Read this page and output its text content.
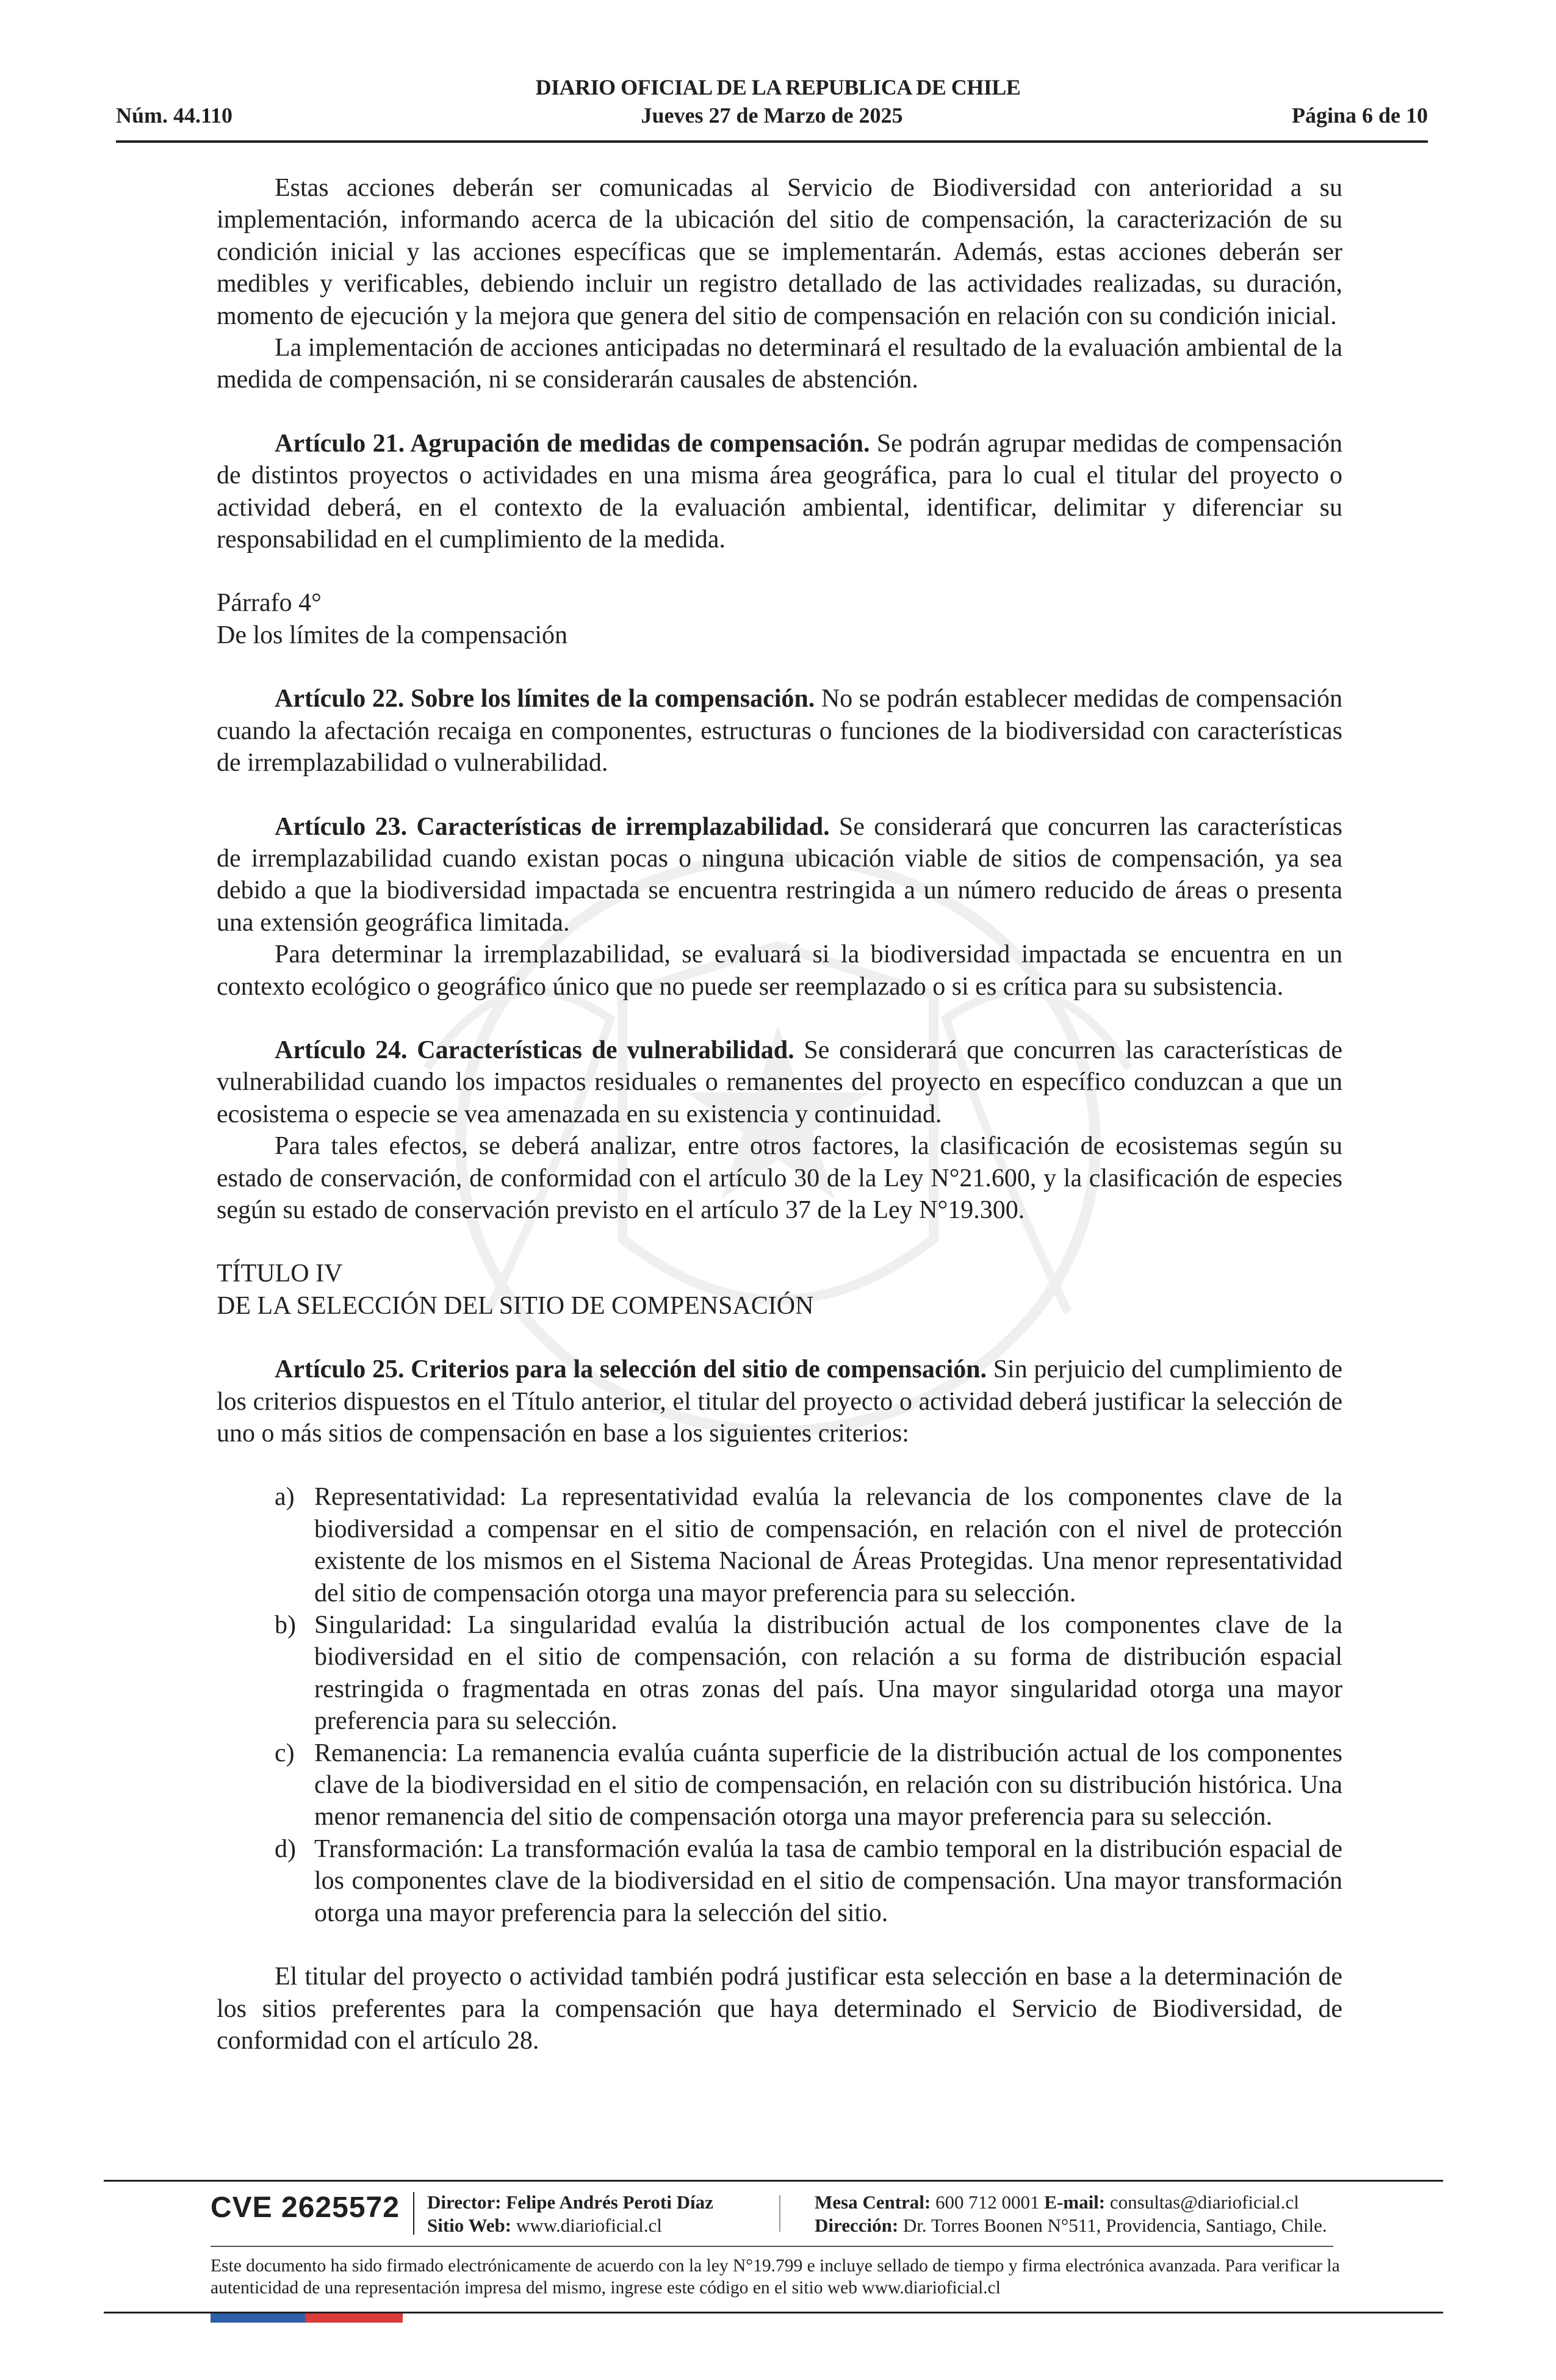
DIARIO OFICIAL DE LA REPUBLICA DE CHILE
Núm. 44.110	Jueves 27 de Marzo de 2025	Página 6 de 10

Estas acciones deberán ser comunicadas al Servicio de Biodiversidad con anterioridad a su implementación, informando acerca de la ubicación del sitio de compensación, la caracterización de su condición inicial y las acciones específicas que se implementarán. Además, estas acciones deberán ser medibles y verificables, debiendo incluir un registro detallado de las actividades realizadas, su duración, momento de ejecución y la mejora que genera del sitio de compensación en relación con su condición inicial.

La implementación de acciones anticipadas no determinará el resultado de la evaluación ambiental de la medida de compensación, ni se considerarán causales de abstención.

Artículo 21. Agrupación de medidas de compensación. Se podrán agrupar medidas de compensación de distintos proyectos o actividades en una misma área geográfica, para lo cual el titular del proyecto o actividad deberá, en el contexto de la evaluación ambiental, identificar, delimitar y diferenciar su responsabilidad en el cumplimiento de la medida.

Párrafo 4°

De los límites de la compensación

Artículo 22. Sobre los límites de la compensación. No se podrán establecer medidas de compensación cuando la afectación recaiga en componentes, estructuras o funciones de la biodiversidad con características de irremplazabilidad o vulnerabilidad.

Artículo 23. Características de irremplazabilidad. Se considerará que concurren las características de irremplazabilidad cuando existan pocas o ninguna ubicación viable de sitios de compensación, ya sea debido a que la biodiversidad impactada se encuentra restringida a un número reducido de áreas o presenta una extensión geográfica limitada.

Para determinar la irremplazabilidad, se evaluará si la biodiversidad impactada se encuentra en un contexto ecológico o geográfico único que no puede ser reemplazado o si es crítica para su subsistencia.

Artículo 24. Características de vulnerabilidad. Se considerará que concurren las características de vulnerabilidad cuando los impactos residuales o remanentes del proyecto en específico conduzcan a que un ecosistema o especie se vea amenazada en su existencia y continuidad.

Para tales efectos, se deberá analizar, entre otros factores, la clasificación de ecosistemas según su estado de conservación, de conformidad con el artículo 30 de la Ley N°21.600, y la clasificación de especies según su estado de conservación previsto en el artículo 37 de la Ley N°19.300.

TÍTULO IV

DE LA SELECCIÓN DEL SITIO DE COMPENSACIÓN

Artículo 25. Criterios para la selección del sitio de compensación. Sin perjuicio del cumplimiento de los criterios dispuestos en el Título anterior, el titular del proyecto o actividad deberá justificar la selección de uno o más sitios de compensación en base a los siguientes criterios:

a) Representatividad: La representatividad evalúa la relevancia de los componentes clave de la biodiversidad a compensar en el sitio de compensación, en relación con el nivel de protección existente de los mismos en el Sistema Nacional de Áreas Protegidas. Una menor representatividad del sitio de compensación otorga una mayor preferencia para su selección.
b) Singularidad: La singularidad evalúa la distribución actual de los componentes clave de la biodiversidad en el sitio de compensación, con relación a su forma de distribución espacial restringida o fragmentada en otras zonas del país. Una mayor singularidad otorga una mayor preferencia para su selección.
c) Remanencia: La remanencia evalúa cuánta superficie de la distribución actual de los componentes clave de la biodiversidad en el sitio de compensación, en relación con su distribución histórica. Una menor remanencia del sitio de compensación otorga una mayor preferencia para su selección.
d) Transformación: La transformación evalúa la tasa de cambio temporal en la distribución espacial de los componentes clave de la biodiversidad en el sitio de compensación. Una mayor transformación otorga una mayor preferencia para la selección del sitio.

El titular del proyecto o actividad también podrá justificar esta selección en base a la determinación de los sitios preferentes para la compensación que haya determinado el Servicio de Biodiversidad, de conformidad con el artículo 28.

CVE 2625572 Director: Felipe Andrés Peroti Díaz
Sitio Web: www.diarioficial.cl
Mesa Central: 600 712 0001 E-mail: consultas@diarioficial.cl
Dirección: Dr. Torres Boonen N°511, Providencia, Santiago, Chile.
Este documento ha sido firmado electrónicamente de acuerdo con la ley N°19.799 e incluye sellado de tiempo y firma electrónica avanzada. Para verificar la autenticidad de una representación impresa del mismo, ingrese este código en el sitio web www.diarioficial.cl
